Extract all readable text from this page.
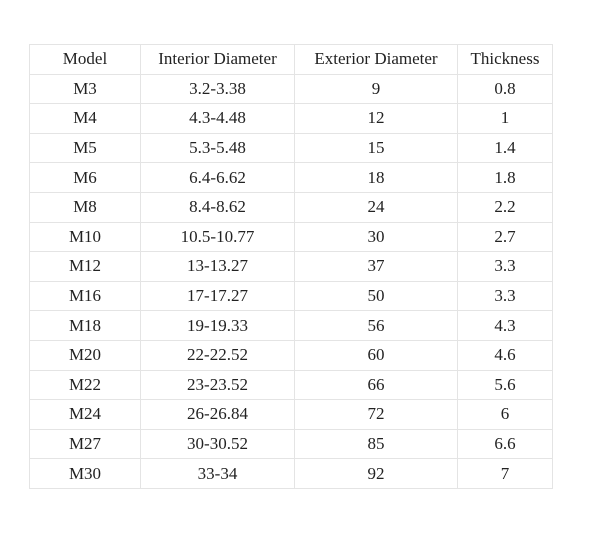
Model	Interior Diameter	Exterior Diameter	Thickness
M3	3.2-3.38	9	0.8
M4	4.3-4.48	12	1
M5	5.3-5.48	15	1.4
M6	6.4-6.62	18	1.8
M8	8.4-8.62	24	2.2
M10	10.5-10.77	30	2.7
M12	13-13.27	37	3.3
M16	17-17.27	50	3.3
M18	19-19.33	56	4.3
M20	22-22.52	60	4.6
M22	23-23.52	66	5.6
M24	26-26.84	72	6
M27	30-30.52	85	6.6
M30	33-34	92	7
